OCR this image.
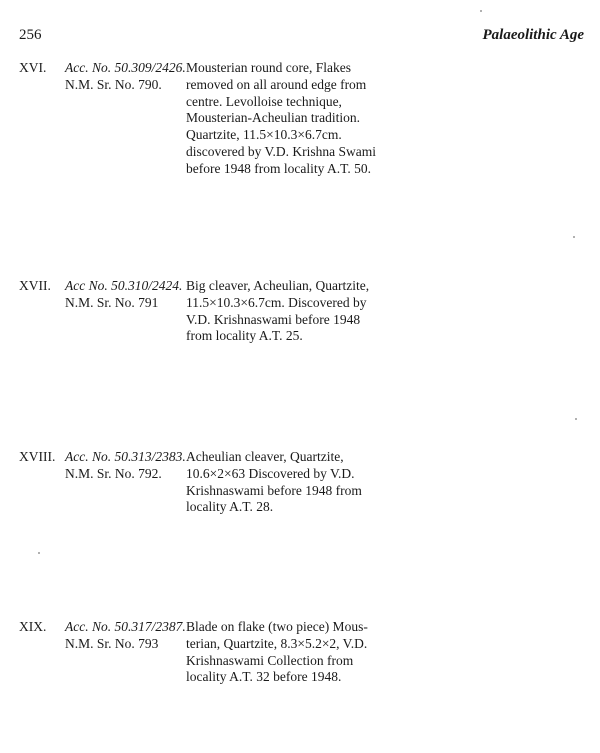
256	Palaeolithic Age
XVI. Acc. No. 50.309/2426.
N.M. Sr. No. 790.
Mousterian round core, Flakes
removed on all around edge from
centre. Levolloise technique,
Mousterian-Acheulian tradition.
Quartzite, 11.5×10.3×6.7cm.
discovered by V.D. Krishna Swami
before 1948 from locality A.T. 50.
XVII. Acc No. 50.310/2424.
N.M. Sr. No. 791
Big cleaver, Acheulian, Quartzite,
11.5×10.3×6.7cm. Discovered by
V.D. Krishnaswami before 1948
from locality A.T. 25.
XVIII. Acc. No. 50.313/2383.
N.M. Sr. No. 792.
Acheulian cleaver, Quartzite,
10.6×2×63 Discovered by V.D.
Krishnaswami before 1948 from
locality A.T. 28.
XIX. Acc. No. 50.317/2387.
N.M. Sr. No. 793
Blade on flake (two piece) Mous-
terian, Quartzite, 8.3×5.2×2, V.D.
Krishnaswami Collection from
locality A.T. 32 before 1948.
